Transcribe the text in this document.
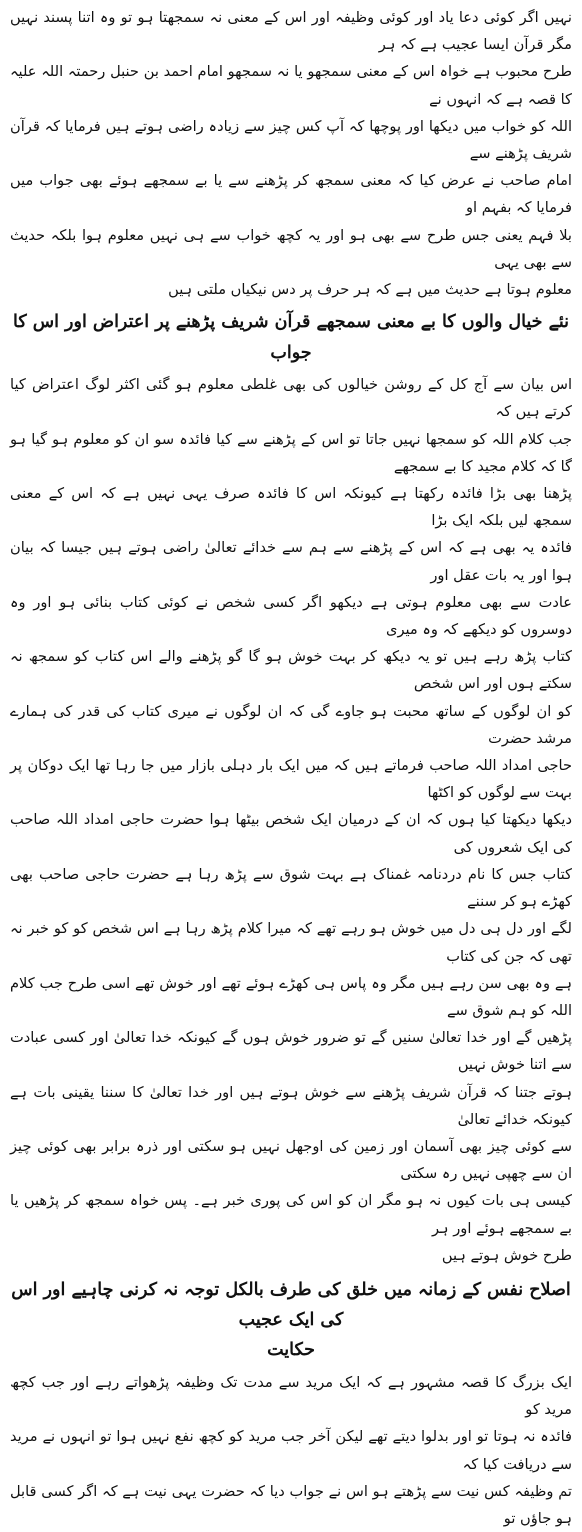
نہیں اگر کوئی دعا یاد اور کوئی وظیفہ اور اس کے معنی نہ سمجھتا ہو تو وہ اتنا پسند نہیں مگر قرآن ایسا عجیب ہے کہ ہر

طرح محبوب ہے خواہ اس کے معنی سمجھو یا نہ سمجھو امام احمد بن حنبل رحمتہ اللہ علیہ کا قصہ ہے کہ انہوں نے

اللہ کو خواب میں دیکھا اور پوچھا کہ آپ کس چیز سے زیادہ راضی ہوتے ہیں فرمایا کہ قرآن شریف پڑھنے سے

امام صاحب نے عرض کیا کہ معنی سمجھ کر پڑھنے سے یا بے سمجھے ہوئے بھی جواب میں فرمایا کہ بفہم او

بلا فہم یعنی جس طرح سے بھی ہو اور یہ کچھ خواب سے ہی نہیں معلوم ہوا بلکہ حدیث سے بھی یہی

معلوم ہوتا ہے حدیث میں ہے کہ ہر حرف پر دس نیکیاں ملتی ہیں

نئے خیال والوں کا بے معنی سمجھے قرآن شریف پڑھنے پر اعتراض اور اس کا جواب

اس بیان سے آج کل کے روشن خیالوں کی بھی غلطی معلوم ہو گئی اکثر لوگ اعتراض کیا کرتے ہیں کہ

جب کلام اللہ کو سمجھا نہیں جاتا تو اس کے پڑھنے سے کیا فائدہ سو ان کو معلوم ہو گیا ہو گا کہ کلام مجید کا بے سمجھے

پڑھنا بھی بڑا فائدہ رکھتا ہے کیونکہ اس کا فائدہ صرف یہی نہیں ہے کہ اس کے معنی سمجھ لیں بلکہ ایک بڑا

فائدہ یہ بھی ہے کہ اس کے پڑھنے سے ہم سے خدائے تعالیٰ راضی ہوتے ہیں جیسا کہ بیان ہوا اور یہ بات عقل اور

عادت سے بھی معلوم ہوتی ہے دیکھو اگر کسی شخص نے کوئی کتاب بنائی ہو اور وہ دوسروں کو دیکھے کہ وہ میری

کتاب پڑھ رہے ہیں تو یہ دیکھ کر بہت خوش ہو گا گو پڑھنے والے اس کتاب کو سمجھ نہ سکتے ہوں اور اس شخص

کو ان لوگوں کے ساتھ محبت ہو جاوے گی کہ ان لوگوں نے میری کتاب کی قدر کی ہمارے مرشد حضرت

حاجی امداد اللہ صاحب فرماتے ہیں کہ میں ایک بار دہلی بازار میں جا رہا تھا ایک دوکان پر بہت سے لوگوں کو اکٹھا

دیکھا دیکھتا کیا ہوں کہ ان کے درمیان ایک شخص بیٹھا ہوا حضرت حاجی امداد اللہ صاحب کی ایک شعروں کی

کتاب جس کا نام دردنامہ غمناک ہے بہت شوق سے پڑھ رہا ہے حضرت حاجی صاحب بھی کھڑے ہو کر سننے

لگے اور دل ہی دل میں خوش ہو رہے تھے کہ میرا کلام پڑھ رہا ہے اس شخص کو کو خبر نہ تھی کہ جن کی کتاب

ہے وہ بھی سن رہے ہیں مگر وہ پاس ہی کھڑے ہوئے تھے اور خوش تھے اسی طرح جب کلام اللہ کو ہم شوق سے

پڑھیں گے اور خدا تعالیٰ سنیں گے تو ضرور خوش ہوں گے کیونکہ خدا تعالیٰ اور کسی عبادت سے اتنا خوش نہیں

ہوتے جتنا کہ قرآن شریف پڑھنے سے خوش ہوتے ہیں اور خدا تعالیٰ کا سننا یقینی بات ہے کیونکہ خدائے تعالیٰ

سے کوئی چیز بھی آسمان اور زمین کی اوجھل نہیں ہو سکتی اور ذرہ برابر بھی کوئی چیز ان سے چھپی نہیں رہ سکتی

کیسی ہی بات کیوں نہ ہو مگر ان کو اس کی پوری خبر ہے۔ پس خواہ سمجھ کر پڑھیں یا بے سمجھے ہوئے اور ہر

طرح خوش ہوتے ہیں

اصلاح نفس کے زمانہ میں خلق کی طرف بالکل توجہ نہ کرنی چاہیے اور اس کی ایک عجیب
حکایت

ایک بزرگ کا قصہ مشہور ہے کہ ایک مرید سے مدت تک وظیفہ پڑھواتے رہے اور جب کچھ مرید کو

فائدہ نہ ہوتا تو اور بدلوا دیتے تھے لیکن آخر جب مرید کو کچھ نفع نہیں ہوا تو انہوں نے مرید سے دریافت کیا کہ

تم وظیفہ کس نیت سے پڑھتے ہو اس نے جواب دیا کہ حضرت یہی نیت ہے کہ اگر کسی قابل ہو جاؤں تو
